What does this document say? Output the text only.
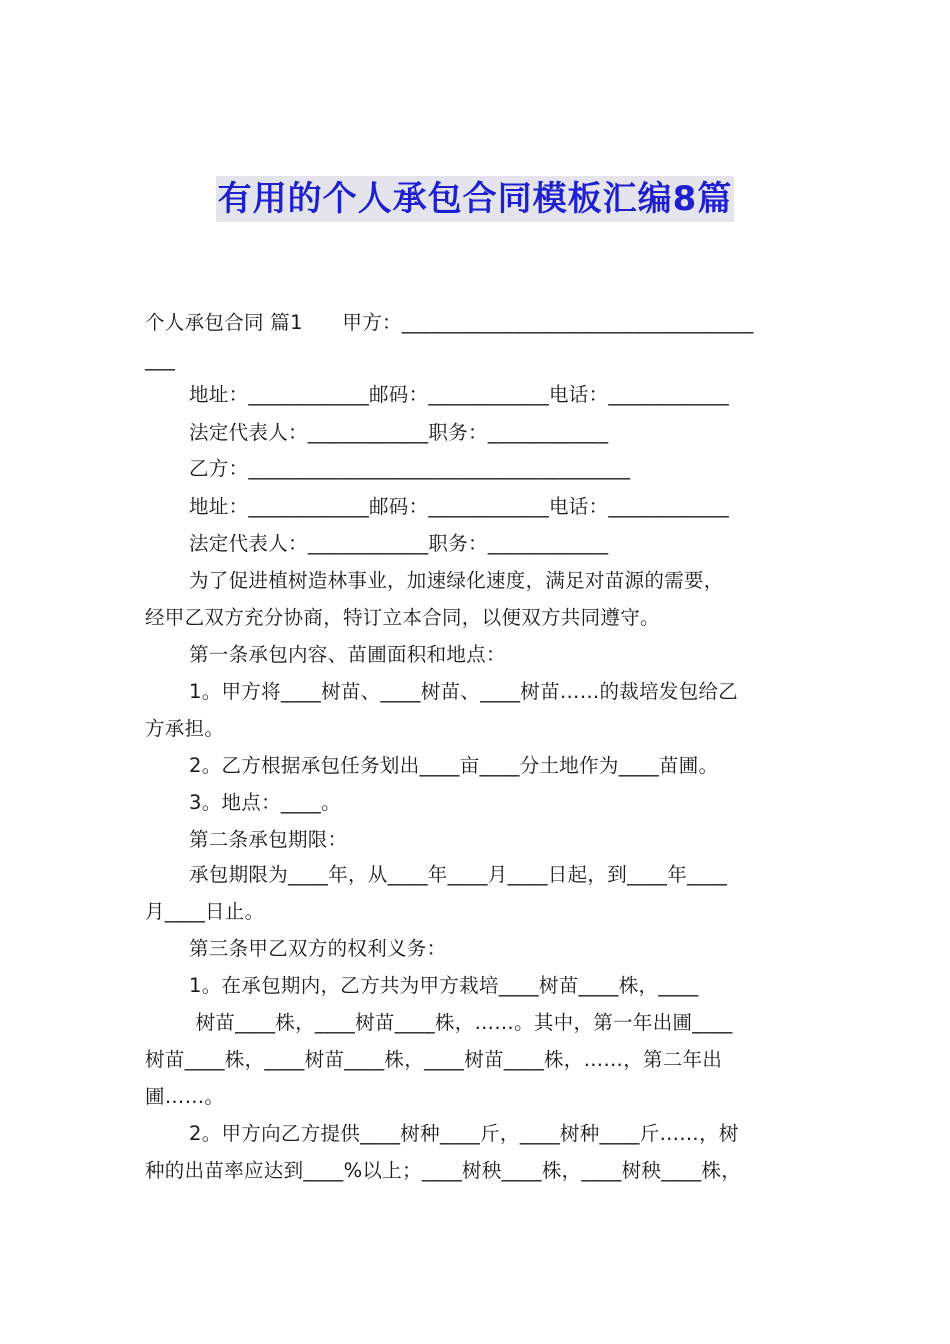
有用的个人承包合同模板汇编8篇
个人承包合同 篇1　　甲方：___________________________________
___
地址：____________邮码：____________电话：____________
法定代表人：____________职务：____________
乙方：______________________________________
地址：____________邮码：____________电话：____________
法定代表人：____________职务：____________
为了促进植树造林事业，加速绿化速度，满足对苗源的需要，
经甲乙双方充分协商，特订立本合同，以便双方共同遵守。
第一条承包内容、苗圃面积和地点：
1。甲方将____树苗、____树苗、____树苗……的裁培发包给乙
方承担。
2。乙方根据承包任务划出____亩____分土地作为____苗圃。
3。地点：____。
第二条承包期限：
承包期限为____年，从____年____月____日起，到____年____
月____日止。
第三条甲乙双方的权利义务：
1。在承包期内，乙方共为甲方栽培____树苗____株，____
树苗____株，____树苗____株，……。其中，第一年出圃____
树苗____株，____树苗____株，____树苗____株，……，第二年出
圃……。
2。甲方向乙方提供____树种____斤，____树种____斤……，树
种的出苗率应达到____%以上；____树秧____株，____树秧____株，
